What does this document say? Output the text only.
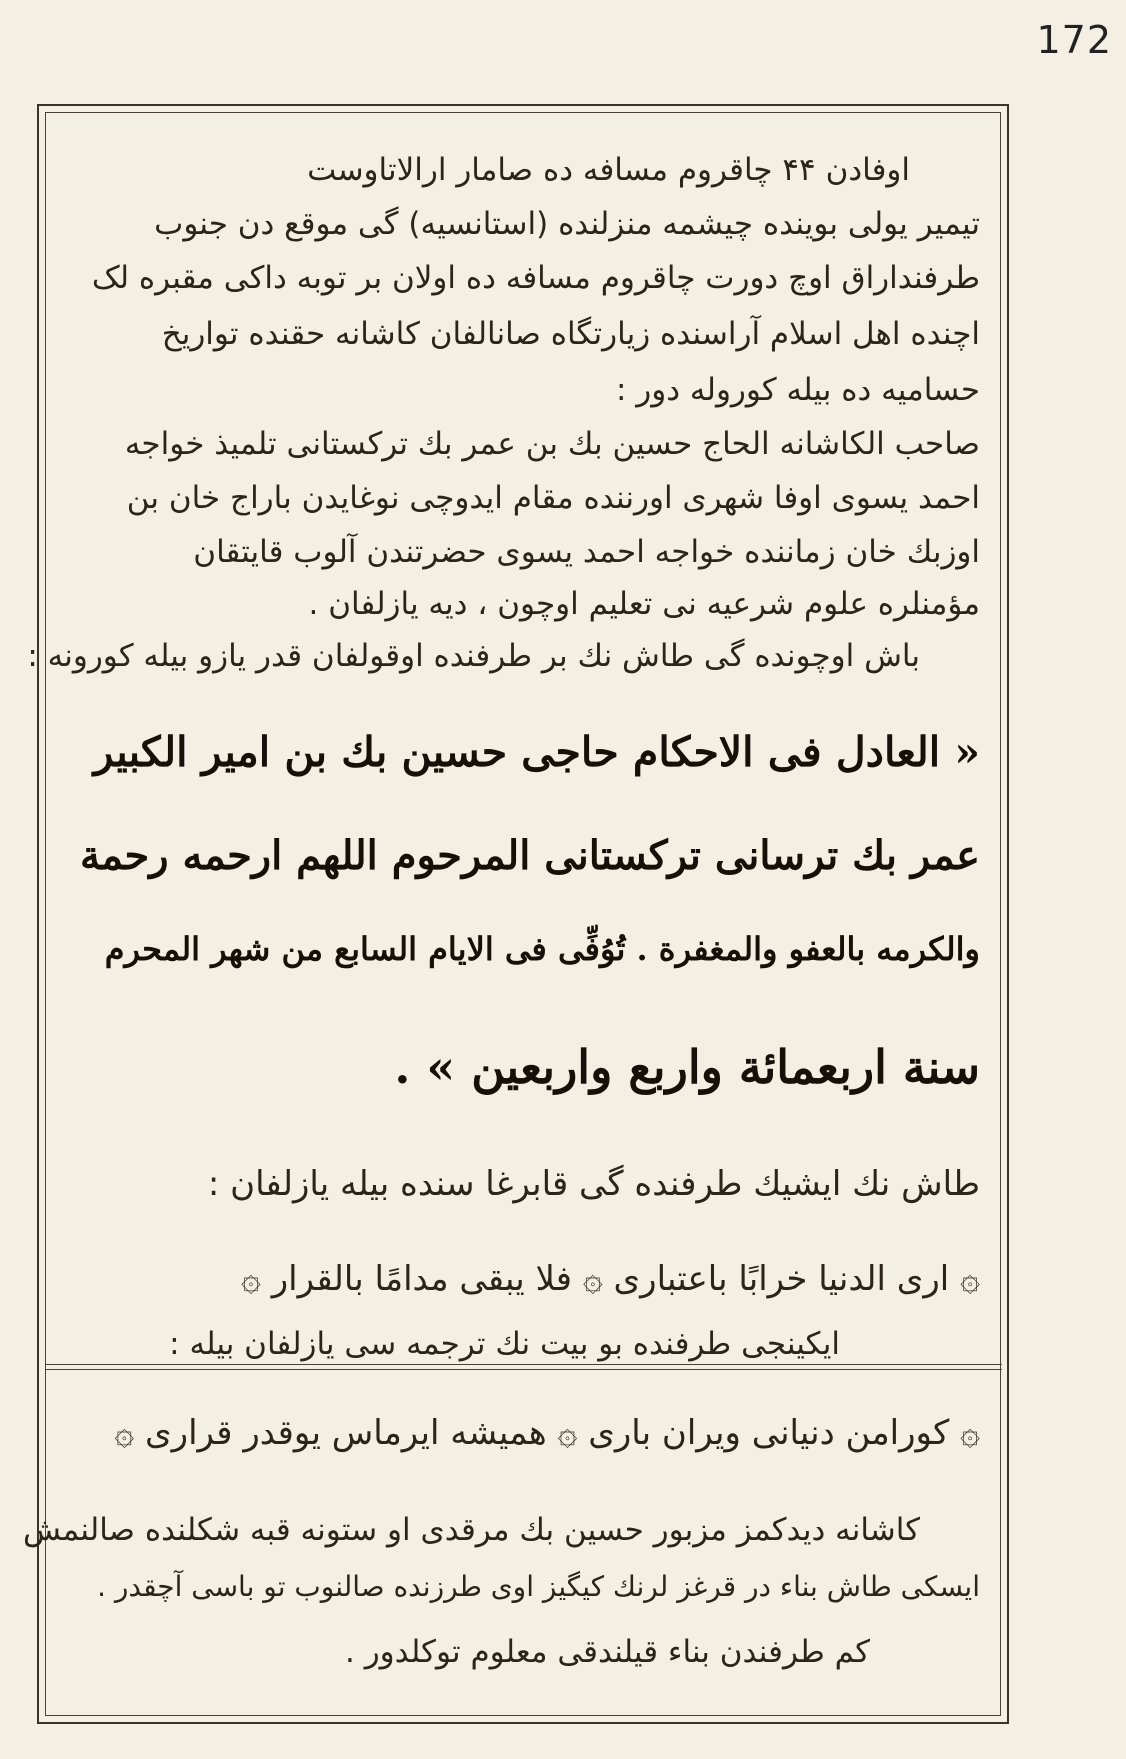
172
اوفادن ۴۴ چاقروم مسافه ده صامار ارالاتاوست
تیمیر یولی بوینده چیشمه منزلنده (استانسیه) گی موقع دن جنوب
طرفنداراق اوچ دورت چاقروم مسافه ده اولان بر توبه داکی مقبره لک
اچنده اهل اسلام آراسنده زیارتگاه صانالفان کاشانه حقنده تواریخ
حسامیه ده بیله کوروله دور :
صاحب الکاشانه الحاج حسین بك بن عمر بك ترکستانی تلمیذ خواجه
احمد یسوی اوفا شهری اورننده مقام ایدوچی نوغایدن باراج خان بن
اوزبك خان زماننده خواجه احمد یسوی حضرتندن آلوب قایتقان
مؤمنلره علوم شرعیه نی تعلیم اوچون ، دیه یازلفان .
باش اوچونده گی طاش نك بر طرفنده اوقولفان قدر یازو بیله کورونه :
« العادل فی الاحکام حاجی حسین بك بن امیر الکبیر
عمر بك ترسانی ترکستانی المرحوم اللهم ارحمه رحمة
والکرمه بالعفو والمغفرة . تُوُفِّی فی الایام السابع من شهر المحرم
سنة اربعمائة واربع واربعین » .
طاش نك ایشیك طرفنده گی قابرغا سنده بیله یازلفان :
۞ اری الدنیا خرابًا باعتباری ۞ فلا یبقی مدامًا بالقرار ۞
ایکینجی طرفنده بو بیت نك ترجمه سی یازلفان بیله :
۞ کورامن دنیانی ویران باری ۞ همیشه ایرماس یوقدر قراری ۞
کاشانه دیدکمز مزبور حسین بك مرقدی او ستونه قبه شکلنده صالنمش
ایسکی طاش بناء در قرغز لرنك کیگیز اوی طرزنده صالنوب تو باسی آچقدر .
کم طرفندن بناء قیلندقی معلوم توکلدور .
